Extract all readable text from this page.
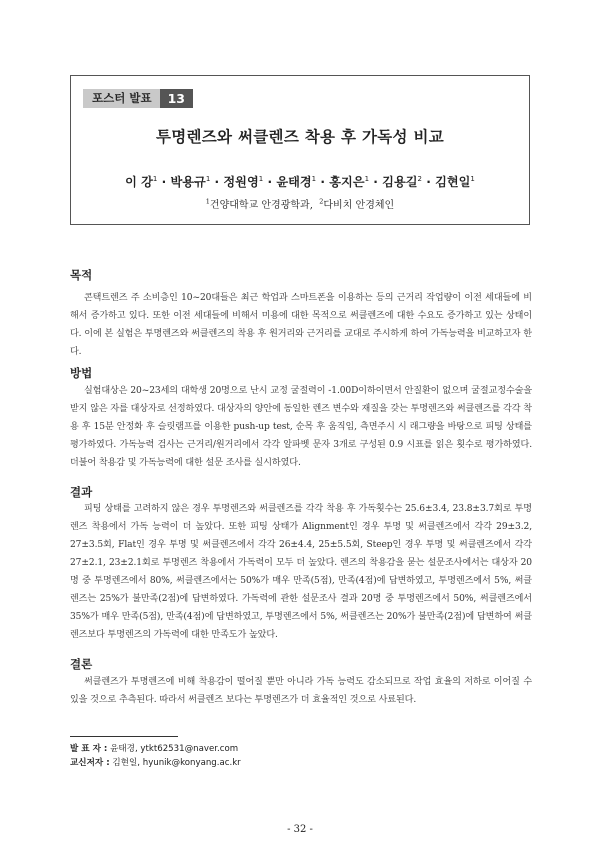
포스터 발표	13
투명렌즈와 써클렌즈 착용 후 가독성 비교
이 강$^1$ · 박용규$^1$ · 정원영$^1$ · 윤태경$^1$ · 홍지은$^1$ · 김용길$^2$ · 김현일$^1$
$^1$건양대학교 안경광학과, $^2$다비치 안경체인
목적

콘택트렌즈 주 소비층인 10~20대들은 최근 학업과 스마트폰을 이용하는 등의 근거리 작업량이 이전 세대들에 비해서 증가하고 있다. 또한 이전 세대들에 비해서 미용에 대한 목적으로 써클렌즈에 대한 수요도 증가하고 있는 상태이다. 이에 본 실험은 투명렌즈와 써클렌즈의 착용 후 원거리와 근거리를 교대로 주시하게 하여 가독능력을 비교하고자 한다.

방법

실험대상은 20~23세의 대학생 20명으로 난시 교정 굴절력이 -1.00D이하이면서 안질환이 없으며 굴절교정수술을 받지 않은 자를 대상자로 선정하였다. 대상자의 양안에 동일한 렌즈 변수와 재질을 갖는 투명렌즈와 써클렌즈를 각각 착용 후 15분 안정화 후 슬릿램프를 이용한 push-up test, 순목 후 움직임, 측면주시 시 래그량을 바탕으로 피팅 상태를 평가하였다. 가독능력 검사는 근거리/원거리에서 각각 알파벳 문자 3개로 구성된 0.9 시표를 읽은 횟수로 평가하였다. 더불어 착용감 및 가독능력에 대한 설문 조사를 실시하였다.

결과

피팅 상태를 고려하지 않은 경우 투명렌즈와 써클렌즈를 각각 착용 후 가독횟수는 25.6±3.4, 23.8±3.7회로 투명렌즈 착용에서 가독 능력이 더 높았다. 또한 피팅 상태가 Alignment인 경우 투명 및 써클렌즈에서 각각 29±3.2, 27±3.5회, Flat인 경우 투명 및 써클렌즈에서 각각 26±4.4, 25±5.5회, Steep인 경우 투명 및 써클렌즈에서 각각 27±2.1, 23±2.1회로 투명렌즈 착용에서 가독력이 모두 더 높았다. 렌즈의 착용감을 묻는 설문조사에서는 대상자 20명 중 투명렌즈에서 80%, 써클렌즈에서는 50%가 매우 만족(5점), 만족(4점)에 답변하였고, 투명렌즈에서 5%, 써클렌즈는 25%가 불만족(2점)에 답변하였다. 가독력에 관한 설문조사 결과 20명 중 투명렌즈에서 50%, 써클렌즈에서 35%가 매우 만족(5점), 만족(4점)에 답변하였고, 투명렌즈에서 5%, 써클렌즈는 20%가 불만족(2점)에 답변하여 써클렌즈보다 투명렌즈의 가독력에 대한 만족도가 높았다.

결론

써클렌즈가 투명렌즈에 비해 착용감이 떨어질 뿐만 아니라 가독 능력도 감소되므로 작업 효율의 저하로 이어질 수 있을 것으로 추측된다. 따라서 써클렌즈 보다는 투명렌즈가 더 효율적인 것으로 사료된다.

발 표 자 : 윤태경, ytkt62531@naver.com
교신저자 : 김현일, hyunik@konyang.ac.kr
- 32 -
